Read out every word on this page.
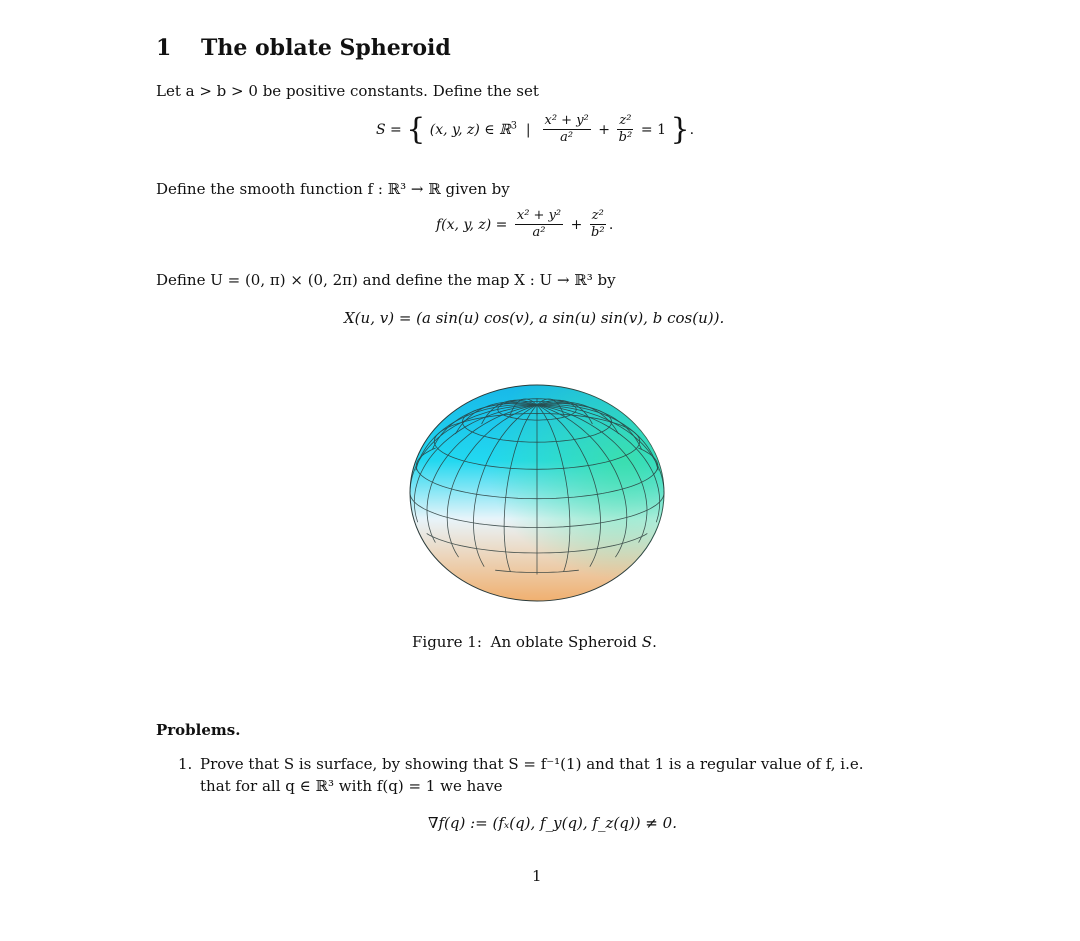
1 The oblate Spheroid
Let a > b > 0 be positive constants. Define the set
S = { (x, y, z) ∈ ℝ$^3$  | $\frac{\text{x² + y²}}{\text{a²}} + \frac{\text{z²}}{\text{b²}} = 1$ }.
Define the smooth function f : ℝ³ → ℝ given by
f(x, y, $z) = \frac{\text{x² + y²}}{\text{a²}} + \frac{\text{z²}}{\text{b²}}$ .
Define U = (0, π) × (0, 2π) and define the map X : U → ℝ³ by
X(u, v) = (a sin(u) cos(v), a sin(u) sin(v), b cos(u)).
Figure 1: An oblate Spheroid S.
Problems.
1. Prove that S is surface, by showing that S = f⁻¹(1) and that 1 is a regular value of f, i.e.
that for all q ∈ ℝ³ with f(q) = 1 we have
∇f(q) := (fₓ(q), f_y(q), f_z(q)) ≠ 0.
1
